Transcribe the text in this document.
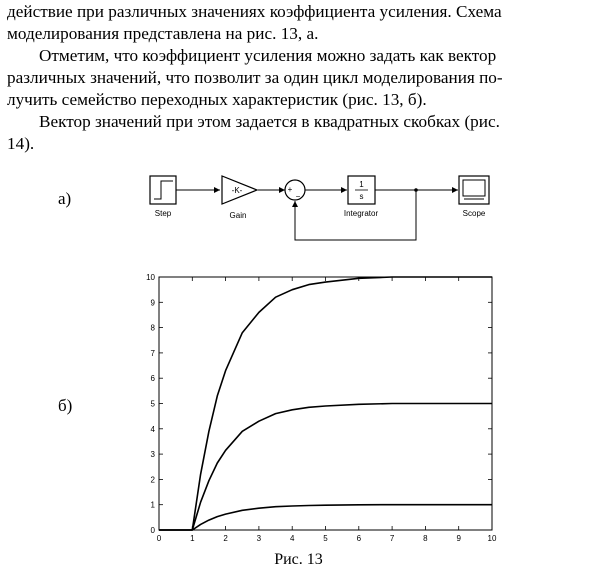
действие при различных значениях коэффициента усиления. Схема
моделирования представлена на рис. 13, а.
Отметим, что коэффициент усиления можно задать как вектор
различных значений, что позволит за один цикл моделирования по-
лучить семейство переходных характеристик (рис. 13, б).
Вектор значений при этом задается в квадратных скобках (рис.
14).
а)
б)
Step
-K-
Gain
+
−
1
s
Integrator	Scope
0
1
2
3
4
5
6
7
8
9
10
0	1	2	3	4	5	6	7	8	9	10
Рис. 13
